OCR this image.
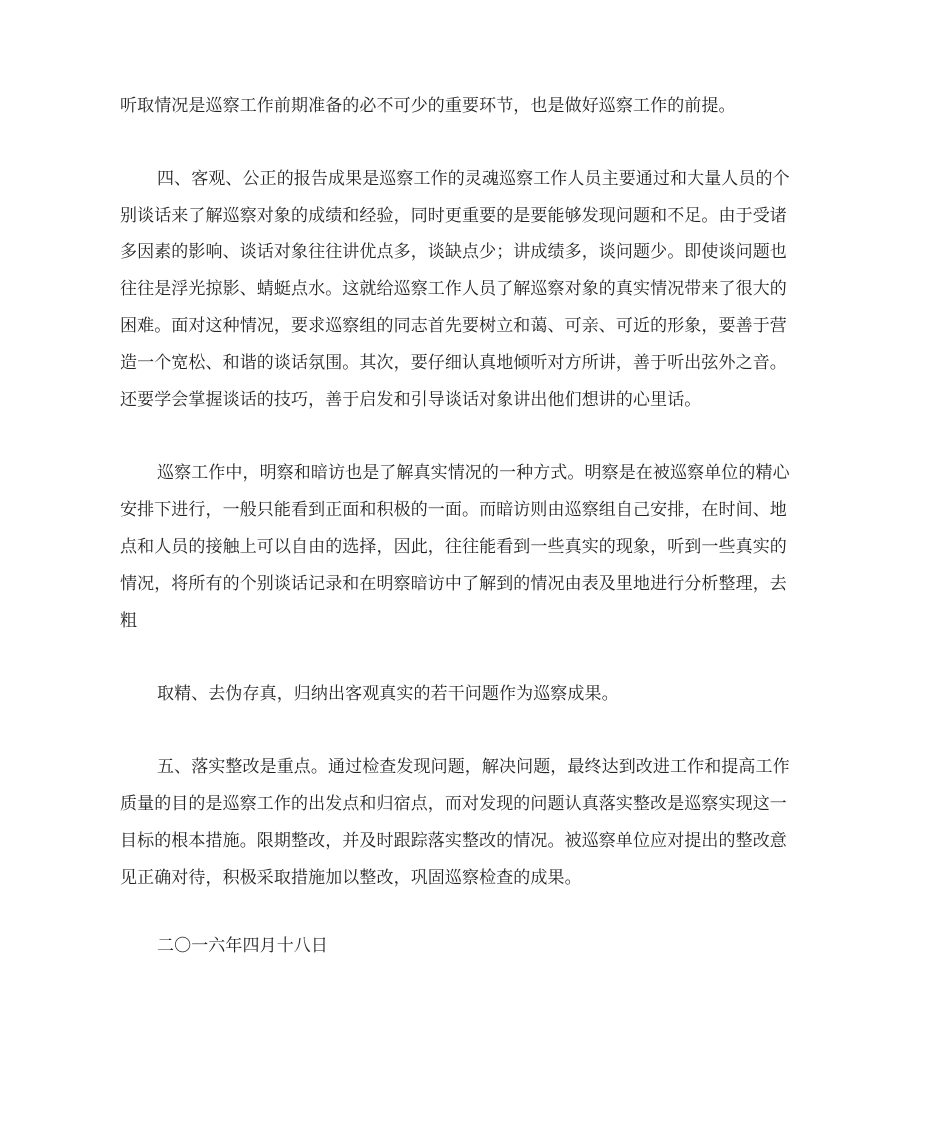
听取情况是巡察工作前期准备的必不可少的重要环节，也是做好巡察工作的前提。
四、客观、公正的报告成果是巡察工作的灵魂巡察工作人员主要通过和大量人员的个
别谈话来了解巡察对象的成绩和经验，同时更重要的是要能够发现问题和不足。由于受诸
多因素的影响、谈话对象往往讲优点多，谈缺点少；讲成绩多，谈问题少。即使谈问题也
往往是浮光掠影、蜻蜓点水。这就给巡察工作人员了解巡察对象的真实情况带来了很大的
困难。面对这种情况，要求巡察组的同志首先要树立和蔼、可亲、可近的形象，要善于营
造一个宽松、和谐的谈话氛围。其次，要仔细认真地倾听对方所讲，善于听出弦外之音。
还要学会掌握谈话的技巧，善于启发和引导谈话对象讲出他们想讲的心里话。
巡察工作中，明察和暗访也是了解真实情况的一种方式。明察是在被巡察单位的精心
安排下进行，一般只能看到正面和积极的一面。而暗访则由巡察组自己安排，在时间、地
点和人员的接触上可以自由的选择，因此，往往能看到一些真实的现象，听到一些真实的
情况，将所有的个别谈话记录和在明察暗访中了解到的情况由表及里地进行分析整理，去
粗
取精、去伪存真，归纳出客观真实的若干问题作为巡察成果。
五、落实整改是重点。通过检查发现问题，解决问题，最终达到改进工作和提高工作
质量的目的是巡察工作的出发点和归宿点，而对发现的问题认真落实整改是巡察实现这一
目标的根本措施。限期整改，并及时跟踪落实整改的情况。被巡察单位应对提出的整改意
见正确对待，积极采取措施加以整改，巩固巡察检查的成果。
二〇一六年四月十八日
